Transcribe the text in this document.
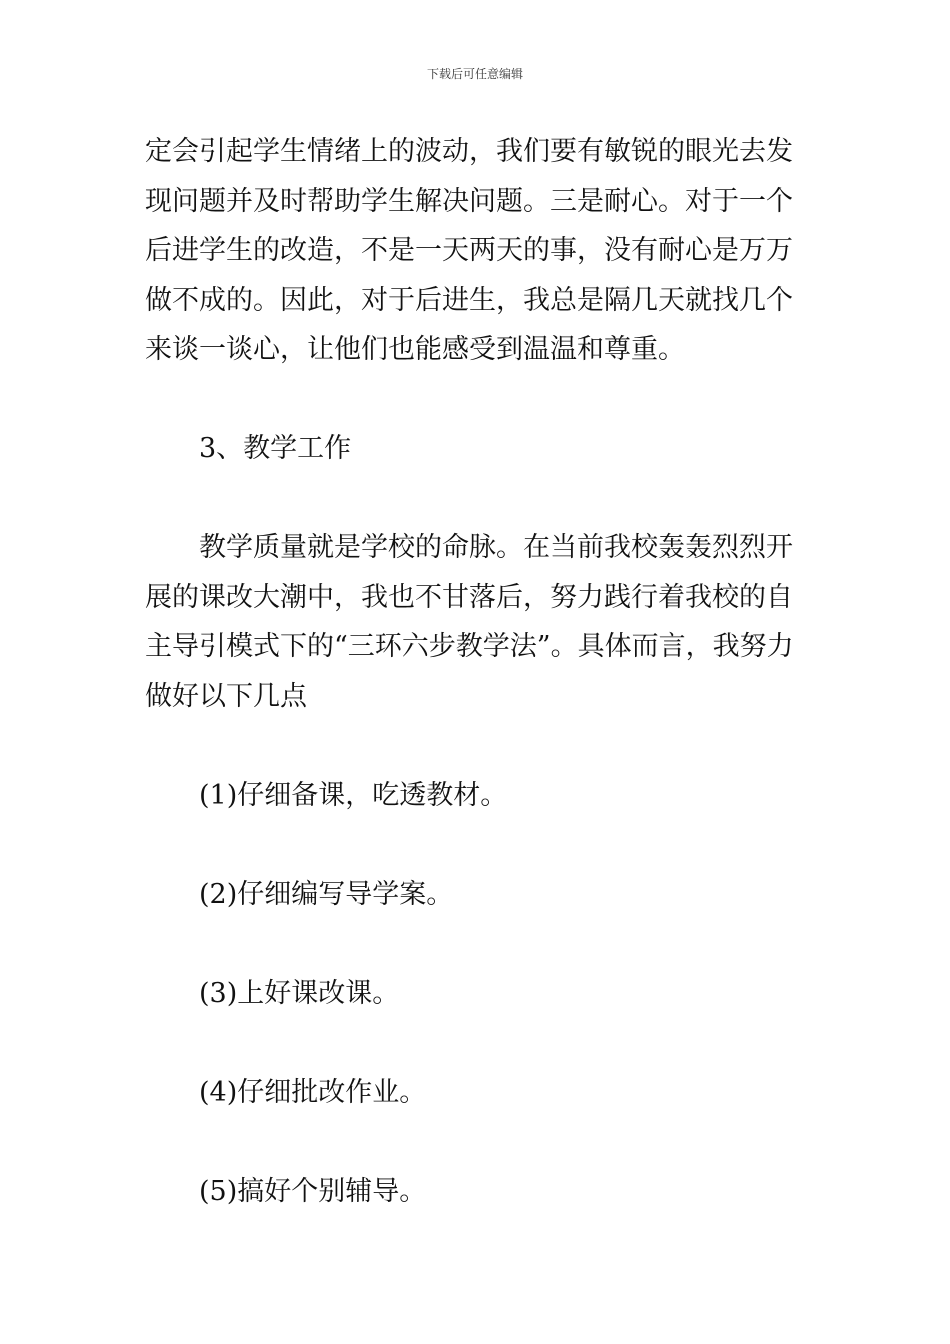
下载后可任意编辑

定会引起学生情绪上的波动，我们要有敏锐的眼光去发现问题并及时帮助学生解决问题。三是耐心。对于一个后进学生的改造，不是一天两天的事，没有耐心是万万做不成的。因此，对于后进生，我总是隔几天就找几个来谈一谈心，让他们也能感受到温温和尊重。

3、教学工作

教学质量就是学校的命脉。在当前我校轰轰烈烈开展的课改大潮中，我也不甘落后，努力践行着我校的自主导引模式下的“三环六步教学法”。具体而言，我努力做好以下几点

(1)仔细备课，吃透教材。

(2)仔细编写导学案。

(3)上好课改课。

(4)仔细批改作业。

(5)搞好个别辅导。
